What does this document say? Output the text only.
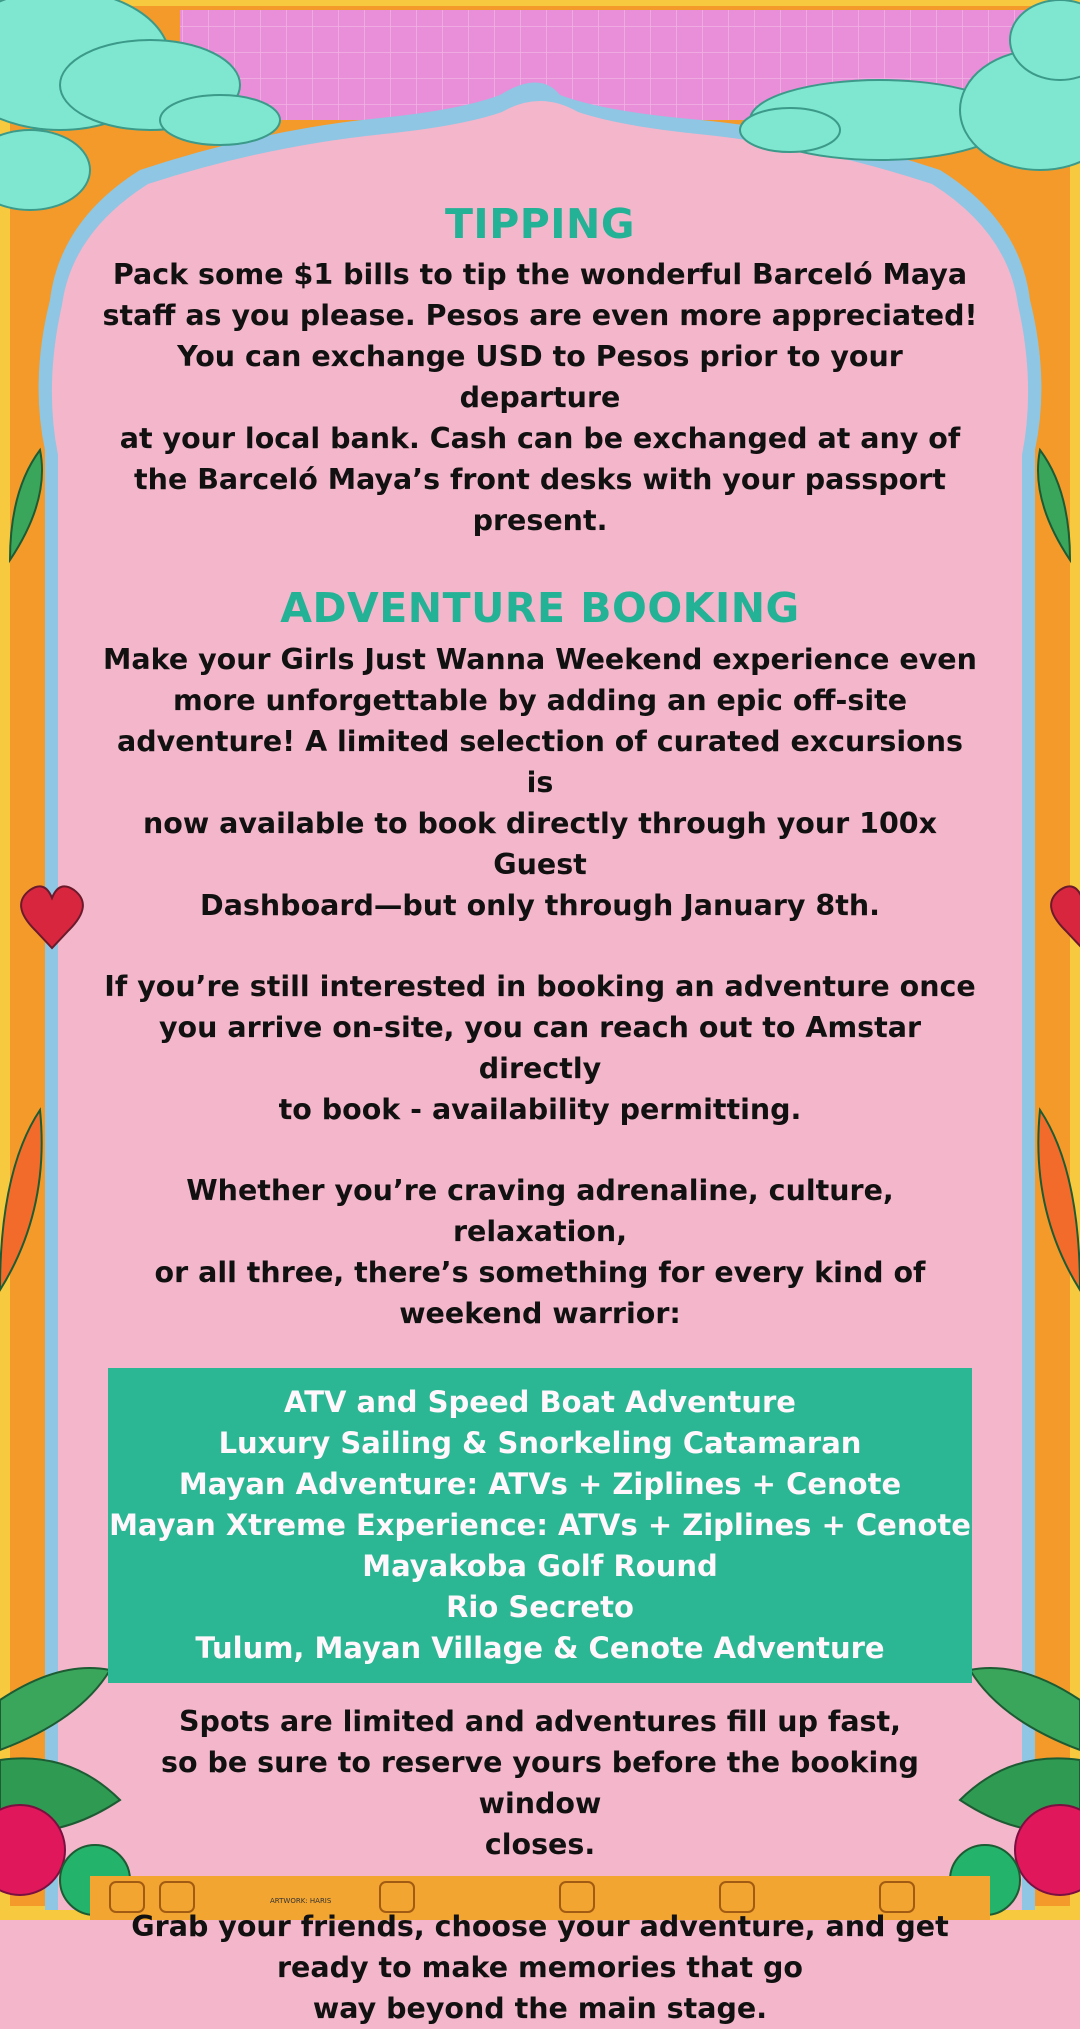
TIPPING

Pack some $1 bills to tip the wonderful Barceló Maya
staff as you please. Pesos are even more appreciated!
You can exchange USD to Pesos prior to your departure
at your local bank. Cash can be exchanged at any of
the Barceló Maya’s front desks with your passport
present.

ADVENTURE BOOKING

Make your Girls Just Wanna Weekend experience even
more unforgettable by adding an epic off-site
adventure! A limited selection of curated excursions is
now available to book directly through your 100x Guest
Dashboard—but only through January 8th.

If you’re still interested in booking an adventure once
you arrive on-site, you can reach out to Amstar directly
to book - availability permitting.

Whether you’re craving adrenaline, culture, relaxation,
or all three, there’s something for every kind of
weekend warrior:

ATV and Speed Boat Adventure
Luxury Sailing & Snorkeling Catamaran
Mayan Adventure: ATVs + Ziplines + Cenote
Mayan Xtreme Experience: ATVs + Ziplines + Cenote
Mayakoba Golf Round
Rio Secreto
Tulum, Mayan Village & Cenote Adventure

Spots are limited and adventures fill up fast,
so be sure to reserve yours before the booking window
closes.

Grab your friends, choose your adventure, and get
ready to make memories that go
way beyond the main stage.

ARTWORK: HARIS
